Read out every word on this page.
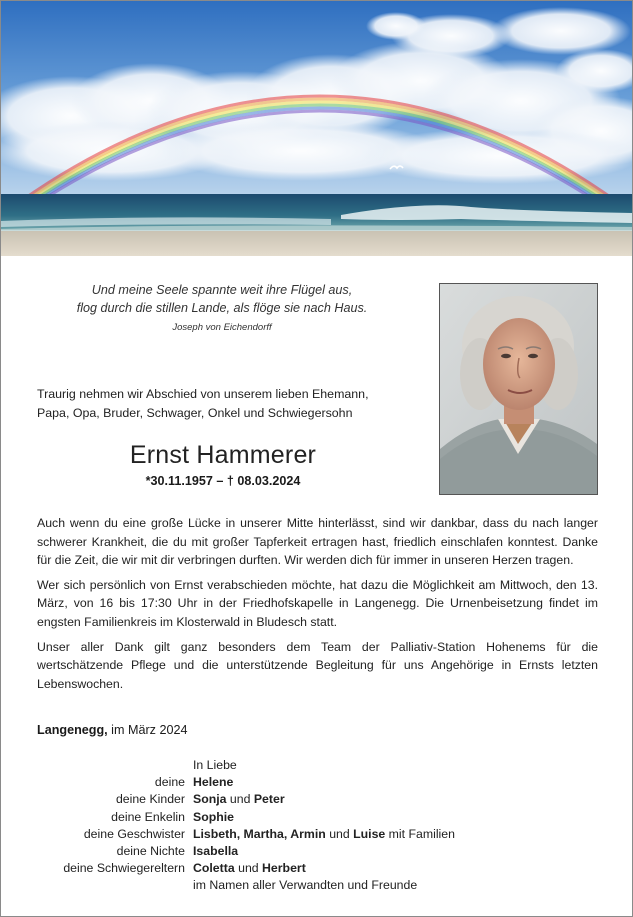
Und meine Seele spannte weit ihre Flügel aus,
flog durch die stillen Lande, als flöge sie nach Haus.
Joseph von Eichendorff
Traurig nehmen wir Abschied von unserem lieben Ehemann,
Papa, Opa, Bruder, Schwager, Onkel und Schwiegersohn
Ernst Hammerer
*30.11.1957 – † 08.03.2024

Auch wenn du eine große Lücke in unserer Mitte hinterlässt, sind wir dankbar, dass du nach langer schwerer Krankheit, die du mit großer Tapferkeit ertragen hast, friedlich einschlafen konntest. Danke für die Zeit, die wir mit dir verbringen durften. Wir werden dich für immer in unseren Herzen tragen.

Wer sich persönlich von Ernst verabschieden möchte, hat dazu die Möglichkeit am Mittwoch, den 13. März, von 16 bis 17:30 Uhr in der Friedhofskapelle in Langenegg. Die Urnenbeisetzung findet im engsten Familienkreis im Klosterwald in Bludesch statt.

Unser aller Dank gilt ganz besonders dem Team der Palliativ-Station Hohenems für die wertschätzende Pflege und die unterstützende Begleitung für uns Angehörige in Ernsts letzten Lebenswochen.

Langenegg, im März 2024
In Liebe
deine Helene
deine Kinder Sonja und Peter
deine Enkelin Sophie
deine Geschwister Lisbeth, Martha, Armin und Luise mit Familien
deine Nichte Isabella
deine Schwiegereltern Coletta und Herbert
im Namen aller Verwandten und Freunde
